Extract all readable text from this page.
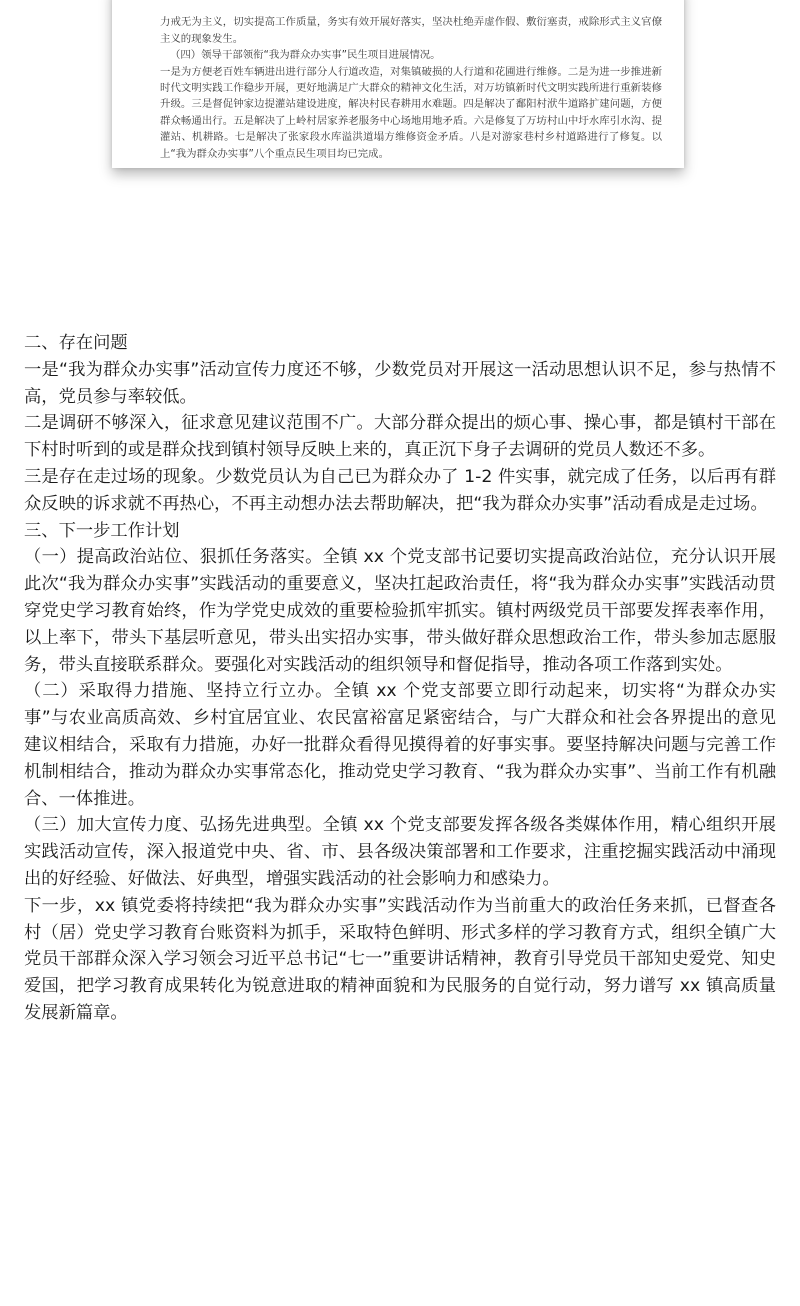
力戒无为主义，切实提高工作质量，务实有效开展好落实，坚决杜绝弄虚作假、敷衍塞责，戒除形式主义官僚主义的现象发生。

（四）领导干部领衔“我为群众办实事”民生项目进展情况。

一是为方便老百姓车辆进出进行部分人行道改造，对集镇破损的人行道和花圃进行维修。二是为进一步推进新时代文明实践工作稳步开展，更好地满足广大群众的精神文化生活，对万坊镇新时代文明实践所进行重新装修升级。三是督促钟家边提灌站建设进度，解决村民春耕用水难题。四是解决了鄱阳村洑牛道路扩建问题，方便群众畅通出行。五是解决了上岭村居家养老服务中心场地用地矛盾。六是修复了万坊村山中圩水库引水沟、提灌站、机耕路。七是解决了张家段水库溢洪道塌方维修资金矛盾。八是对游家巷村乡村道路进行了修复。以上“我为群众办实事”八个重点民生项目均已完成。

二、存在问题

一是“我为群众办实事”活动宣传力度还不够，少数党员对开展这一活动思想认识不足，参与热情不高，党员参与率较低。

二是调研不够深入，征求意见建议范围不广。大部分群众提出的烦心事、操心事，都是镇村干部在下村时听到的或是群众找到镇村领导反映上来的，真正沉下身子去调研的党员人数还不多。

三是存在走过场的现象。少数党员认为自己已为群众办了 1-2 件实事，就完成了任务，以后再有群众反映的诉求就不再热心，不再主动想办法去帮助解决，把“我为群众办实事”活动看成是走过场。

三、下一步工作计划

（一）提高政治站位、狠抓任务落实。全镇 xx 个党支部书记要切实提高政治站位，充分认识开展此次“我为群众办实事”实践活动的重要意义，坚决扛起政治责任，将“我为群众办实事”实践活动贯穿党史学习教育始终，作为学党史成效的重要检验抓牢抓实。镇村两级党员干部要发挥表率作用，以上率下，带头下基层听意见，带头出实招办实事，带头做好群众思想政治工作，带头参加志愿服务，带头直接联系群众。要强化对实践活动的组织领导和督促指导，推动各项工作落到实处。

（二）采取得力措施、坚持立行立办。全镇 xx 个党支部要立即行动起来，切实将“为群众办实事”与农业高质高效、乡村宜居宜业、农民富裕富足紧密结合，与广大群众和社会各界提出的意见建议相结合，采取有力措施，办好一批群众看得见摸得着的好事实事。要坚持解决问题与完善工作机制相结合，推动为群众办实事常态化，推动党史学习教育、“我为群众办实事”、当前工作有机融合、一体推进。

（三）加大宣传力度、弘扬先进典型。全镇 xx 个党支部要发挥各级各类媒体作用，精心组织开展实践活动宣传，深入报道党中央、省、市、县各级决策部署和工作要求，注重挖掘实践活动中涌现出的好经验、好做法、好典型，增强实践活动的社会影响力和感染力。

下一步，xx 镇党委将持续把“我为群众办实事”实践活动作为当前重大的政治任务来抓，已督查各村（居）党史学习教育台账资料为抓手，采取特色鲜明、形式多样的学习教育方式，组织全镇广大党员干部群众深入学习领会习近平总书记“七一”重要讲话精神，教育引导党员干部知史爱党、知史爱国，把学习教育成果转化为锐意进取的精神面貌和为民服务的自觉行动，努力谱写 xx 镇高质量发展新篇章。
